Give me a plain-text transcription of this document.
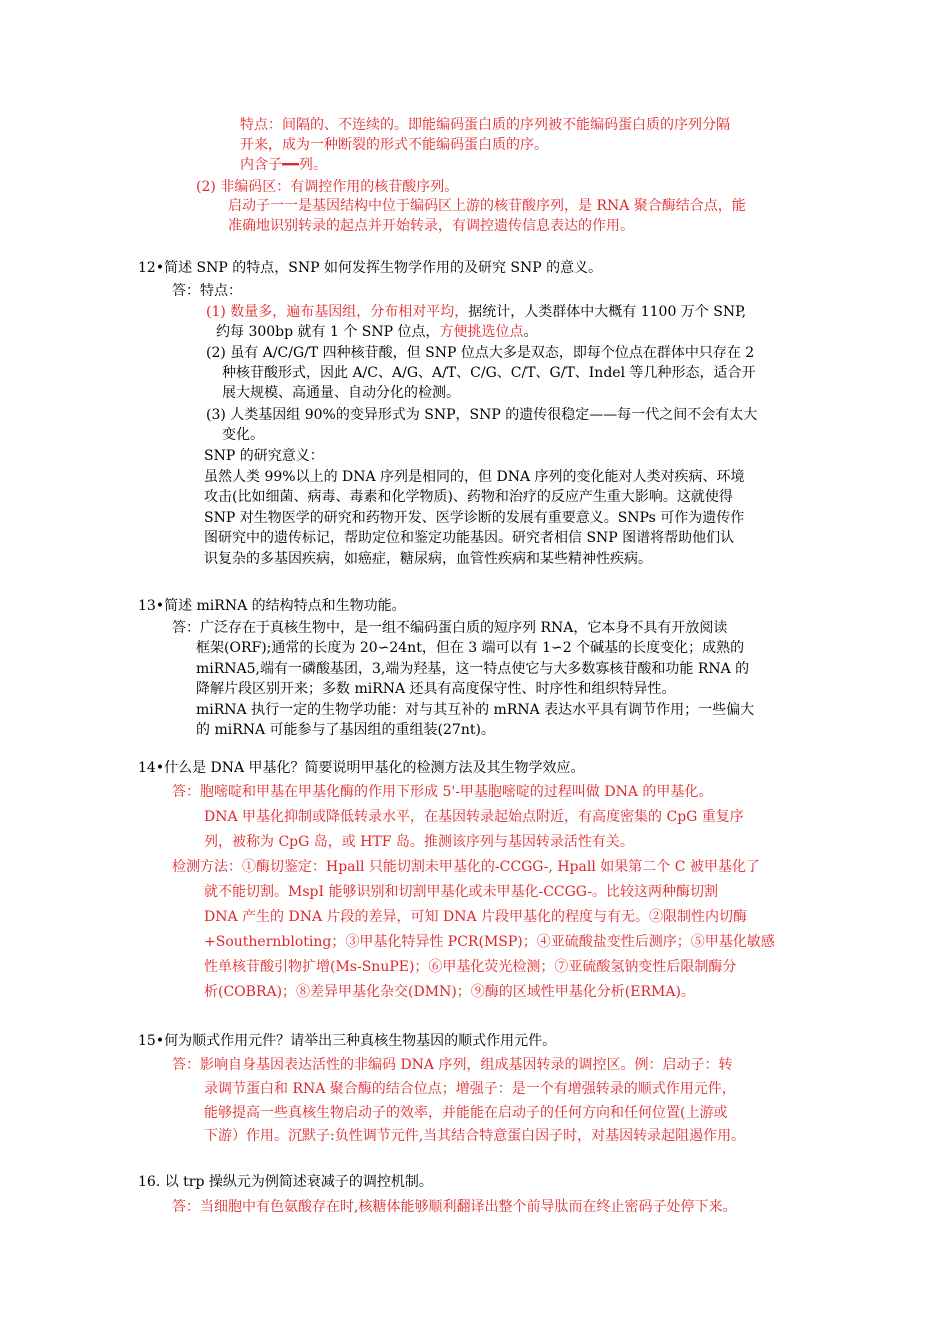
特点：间隔的、不连续的。即能编码蛋白质的序列被不能编码蛋白质的序列分隔
开来，成为一种断裂的形式不能编码蛋白质的序。
内含子━━列。
(2) 非编码区：有调控作用的核苷酸序列。
启动子一一是基因结构中位于编码区上游的核苷酸序列，是 RNA 聚合酶结合点，能
准确地识别转录的起点并开始转录，有调控遗传信息表达的作用。
12•简述 SNP 的特点，SNP 如何发挥生物学作用的及研究 SNP 的意义。
答：特点：
(1) 数量多，遍布基因组，分布相对平均，据统计，人类群体中大概有 1100 万个 SNP,
约每 300bp 就有 1 个 SNP 位点，方便挑选位点。
(2) 虽有 A/C/G/T 四种核苷酸，但 SNP 位点大多是双态，即每个位点在群体中只存在 2
种核苷酸形式，因此 A/C、A/G、A/T、C/G、C/T、G/T、Indel 等几种形态，适合开
展大规模、高通量、自动分化的检测。
(3) 人类基因组 90%的变异形式为 SNP，SNP 的遗传很稳定——每一代之间不会有太大
变化。
SNP 的研究意义：
虽然人类 99%以上的 DNA 序列是相同的，但 DNA 序列的变化能对人类对疾病、环境
攻击(比如细菌、病毒、毒素和化学物质)、药物和治疗的反应产生重大影响。这就使得
SNP 对生物医学的研究和药物开发、医学诊断的发展有重要意义。SNPs 可作为遗传作
图研究中的遗传标记，帮助定位和鉴定功能基因。研究者相信 SNP 图谱将帮助他们认
识复杂的多基因疾病，如癌症，糖尿病，血管性疾病和某些精神性疾病。
13•简述 miRNA 的结构特点和生物功能。
答：广泛存在于真核生物中，是一组不编码蛋白质的短序列 RNA，它本身不具有开放阅读
框架(ORF);通常的长度为 20∽24nt，但在 3 端可以有 1∽2 个碱基的长度变化；成熟的
miRNA5,端有一磷酸基团，3,端为羟基，这一特点使它与大多数寡核苷酸和功能 RNA 的
降解片段区别开来；多数 miRNA 还具有高度保守性、时序性和组织特异性。
miRNA 执行一定的生物学功能：对与其互补的 mRNA 表达水平具有调节作用；一些偏大
的 miRNA 可能参与了基因组的重组装(27nt)。
14•什么是 DNA 甲基化？简要说明甲基化的检测方法及其生物学效应。
答：胞嘧啶和甲基在甲基化酶的作用下形成 5'-甲基胞嘧啶的过程叫做 DNA 的甲基化。
DNA 甲基化抑制或降低转录水平，在基因转录起始点附近，有高度密集的 CpG 重复序
列，被称为 CpG 岛，或 HTF 岛。推测该序列与基因转录活性有关。
检测方法：①酶切鉴定：Hpall 只能切割未甲基化的-CCGG-, Hpall 如果第二个 C 被甲基化了
就不能切割。MspI 能够识别和切割甲基化或未甲基化-CCGG-。比较这两种酶切割
DNA 产生的 DNA 片段的差异，可知 DNA 片段甲基化的程度与有无。②限制性内切酶
+Southernbloting；③甲基化特异性 PCR(MSP)；④亚硫酸盐变性后测序；⑤甲基化敏感
性单核苷酸引物扩增(Ms-SnuPE)；⑥甲基化荧光检测；⑦亚硫酸氢钠变性后限制酶分
析(COBRA)；⑧差异甲基化杂交(DMN)；⑨酶的区域性甲基化分析(ERMA)。
15•何为顺式作用元件？请举出三种真核生物基因的顺式作用元件。
答：影响自身基因表达活性的非编码 DNA 序列，组成基因转录的调控区。例：启动子：转
录调节蛋白和 RNA 聚合酶的结合位点；增强子：是一个有增强转录的顺式作用元件，
能够提高一些真核生物启动子的效率，并能能在启动子的任何方向和任何位置(上游或
下游）作用。沉默子:负性调节元件,当其结合特意蛋白因子时，对基因转录起阻遏作用。
16. 以 trp 操纵元为例简述衰减子的调控机制。
答：当细胞中有色氨酸存在时,核糖体能够顺利翻译出整个前导肽而在终止密码子处停下来。
